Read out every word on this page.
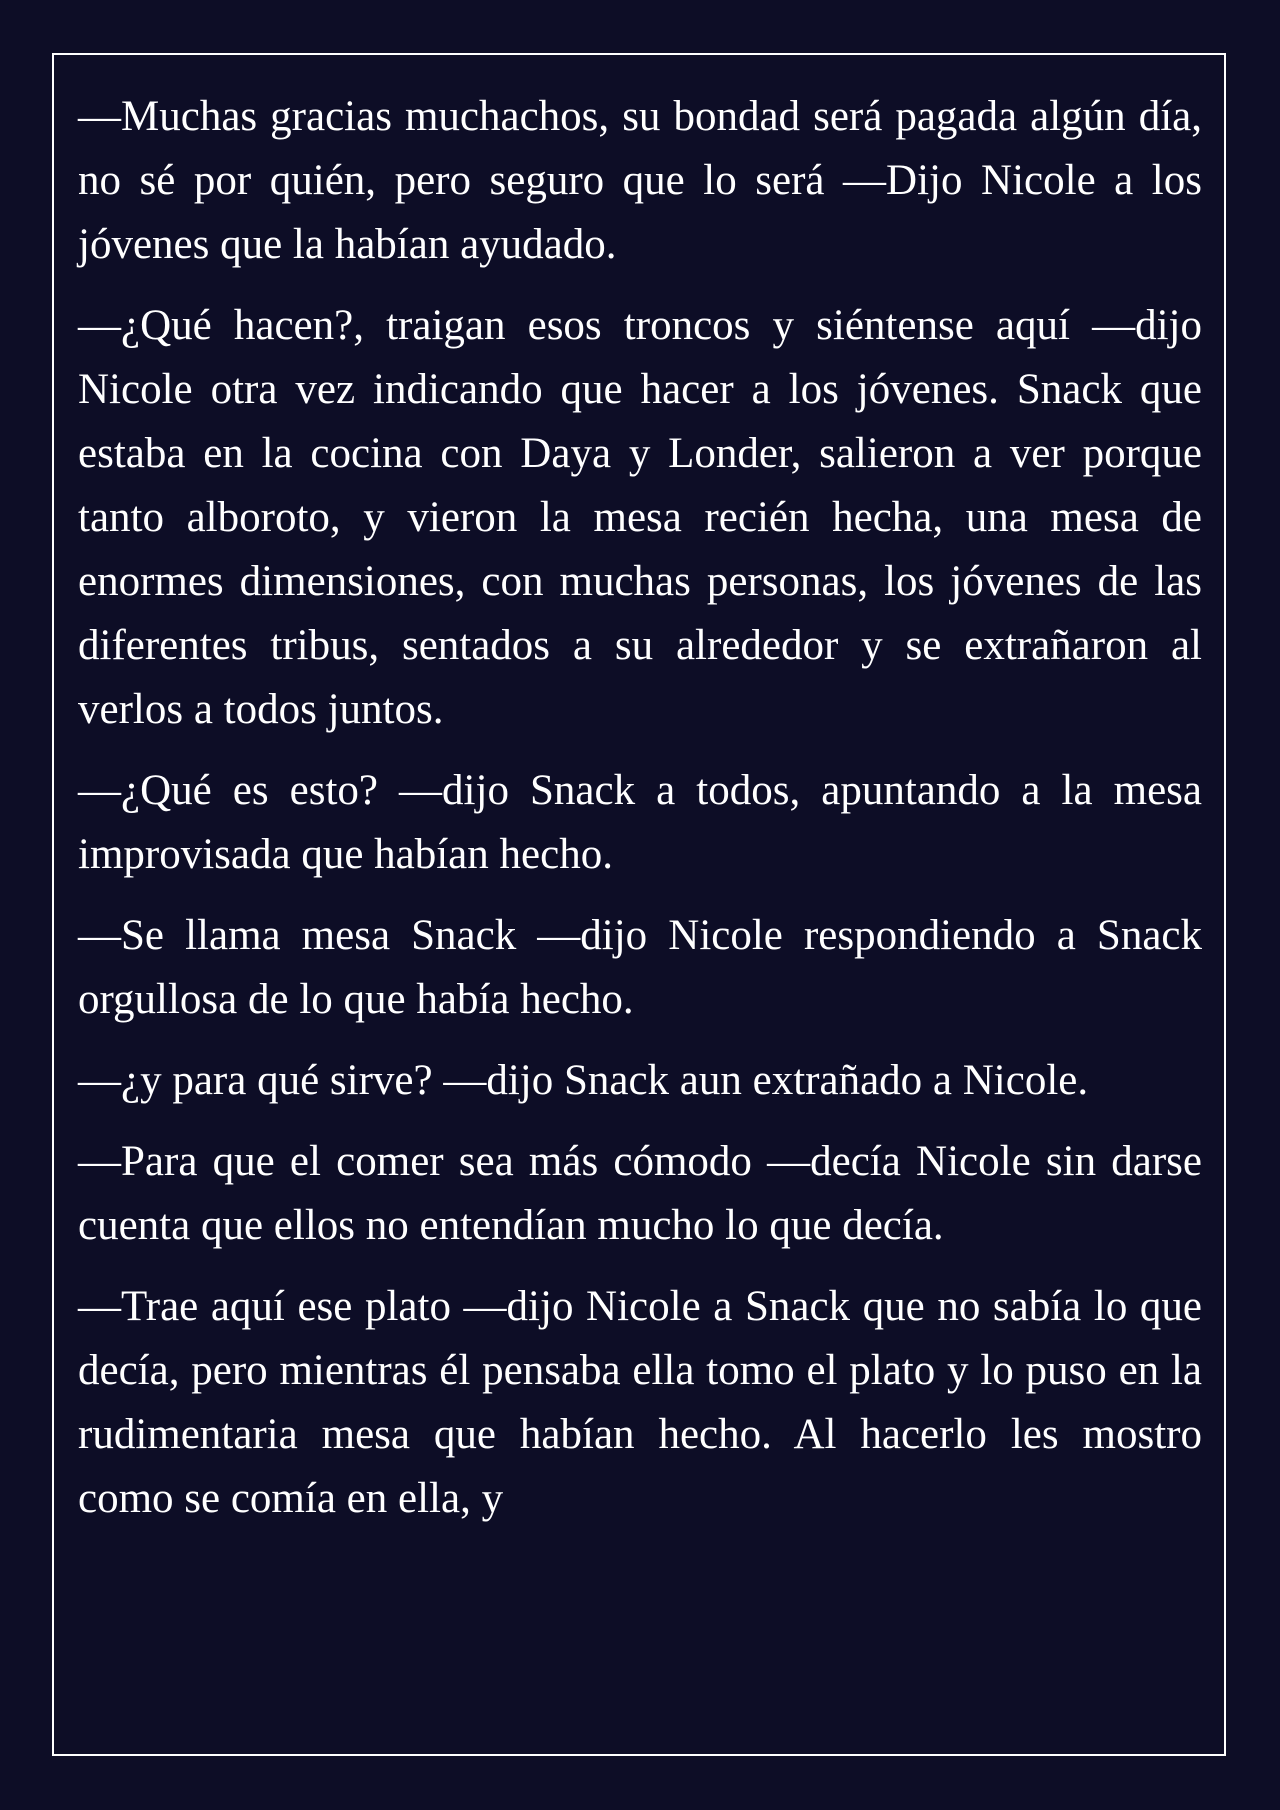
—Muchas gracias muchachos, su bondad será pagada algún día, no sé por quién, pero seguro que lo será —Dijo Nicole a los jóvenes que la habían ayudado.

—¿Qué hacen?, traigan esos troncos y siéntense aquí —dijo Nicole otra vez indicando que hacer a los jóvenes. Snack que estaba en la cocina con Daya y Londer, salieron a ver porque tanto alboroto, y vieron la mesa recién hecha, una mesa de enormes dimensiones, con muchas personas, los jóvenes de las diferentes tribus, sentados a su alrededor y se extrañaron al verlos a todos juntos.

—¿Qué es esto? —dijo Snack a todos, apuntando a la mesa improvisada que habían hecho.

—Se llama mesa Snack —dijo Nicole respondiendo a Snack orgullosa de lo que había hecho.

—¿y para qué sirve? —dijo Snack aun extrañado a Nicole.

—Para que el comer sea más cómodo —decía Nicole sin darse cuenta que ellos no entendían mucho lo que decía.

—Trae aquí ese plato —dijo Nicole a Snack que no sabía lo que decía, pero mientras él pensaba ella tomo el plato y lo puso en la rudimentaria mesa que habían hecho. Al hacerlo les mostro como se comía en ella, y
